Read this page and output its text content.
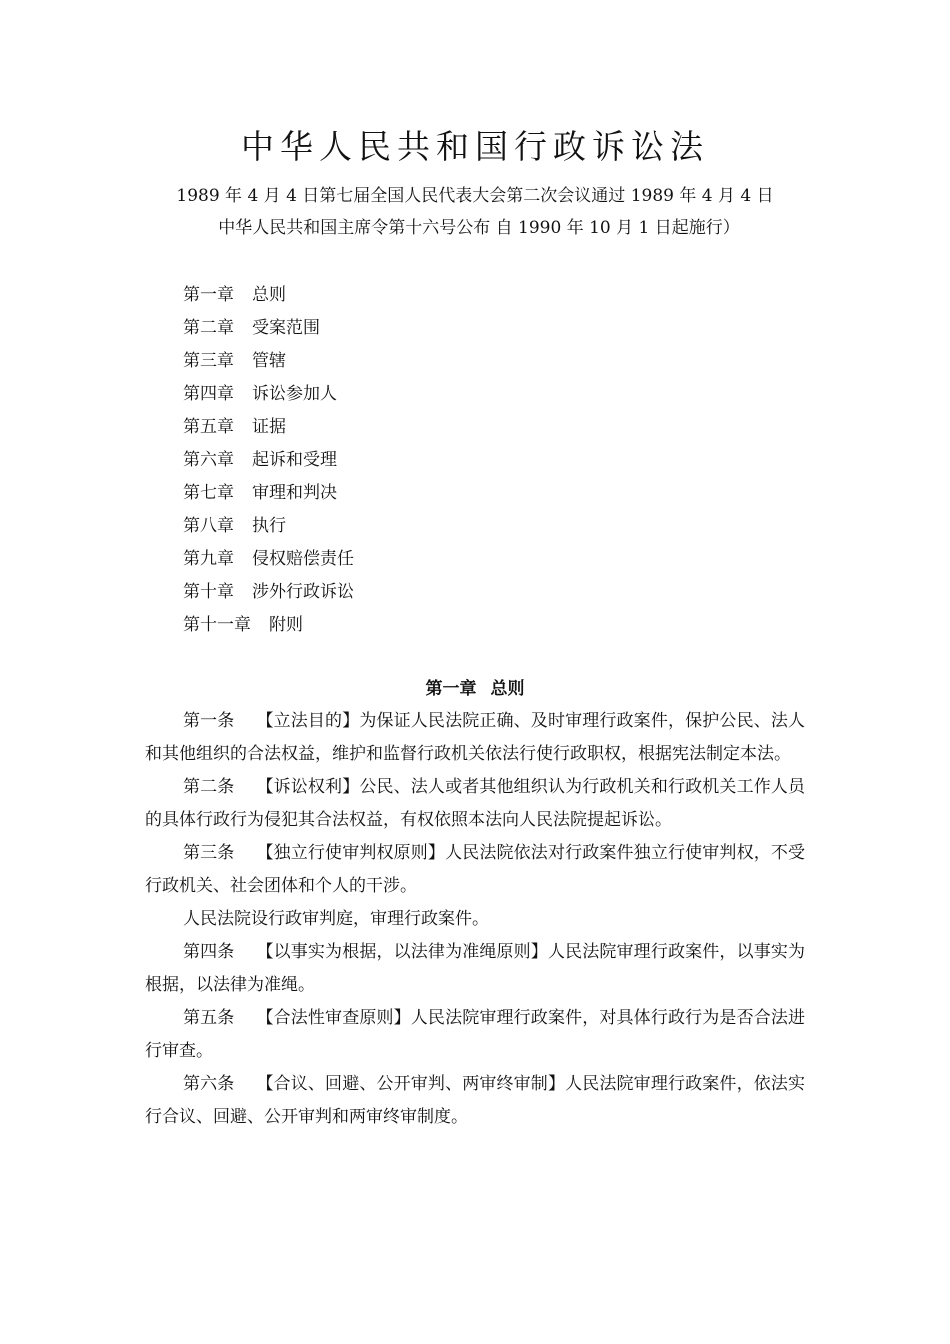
中华人民共和国行政诉讼法
1989 年 4 月 4 日第七届全国人民代表大会第二次会议通过 1989 年 4 月 4 日
中华人民共和国主席令第十六号公布 自 1990 年 10 月 1 日起施行）
第一章 总则
第二章 受案范围
第三章 管辖
第四章 诉讼参加人
第五章 证据
第六章 起诉和受理
第七章 审理和判决
第八章 执行
第九章 侵权赔偿责任
第十章 涉外行政诉讼
第十一章 附则
第一章 总则

第一条 【立法目的】为保证人民法院正确、及时审理行政案件，保护公民、法人和其他组织的合法权益，维护和监督行政机关依法行使行政职权，根据宪法制定本法。

第二条 【诉讼权利】公民、法人或者其他组织认为行政机关和行政机关工作人员的具体行政行为侵犯其合法权益，有权依照本法向人民法院提起诉讼。

第三条 【独立行使审判权原则】人民法院依法对行政案件独立行使审判权，不受行政机关、社会团体和个人的干涉。

人民法院设行政审判庭，审理行政案件。

第四条 【以事实为根据，以法律为准绳原则】人民法院审理行政案件，以事实为根据，以法律为准绳。

第五条 【合法性审查原则】人民法院审理行政案件，对具体行政行为是否合法进行审查。

第六条 【合议、回避、公开审判、两审终审制】人民法院审理行政案件，依法实行合议、回避、公开审判和两审终审制度。
